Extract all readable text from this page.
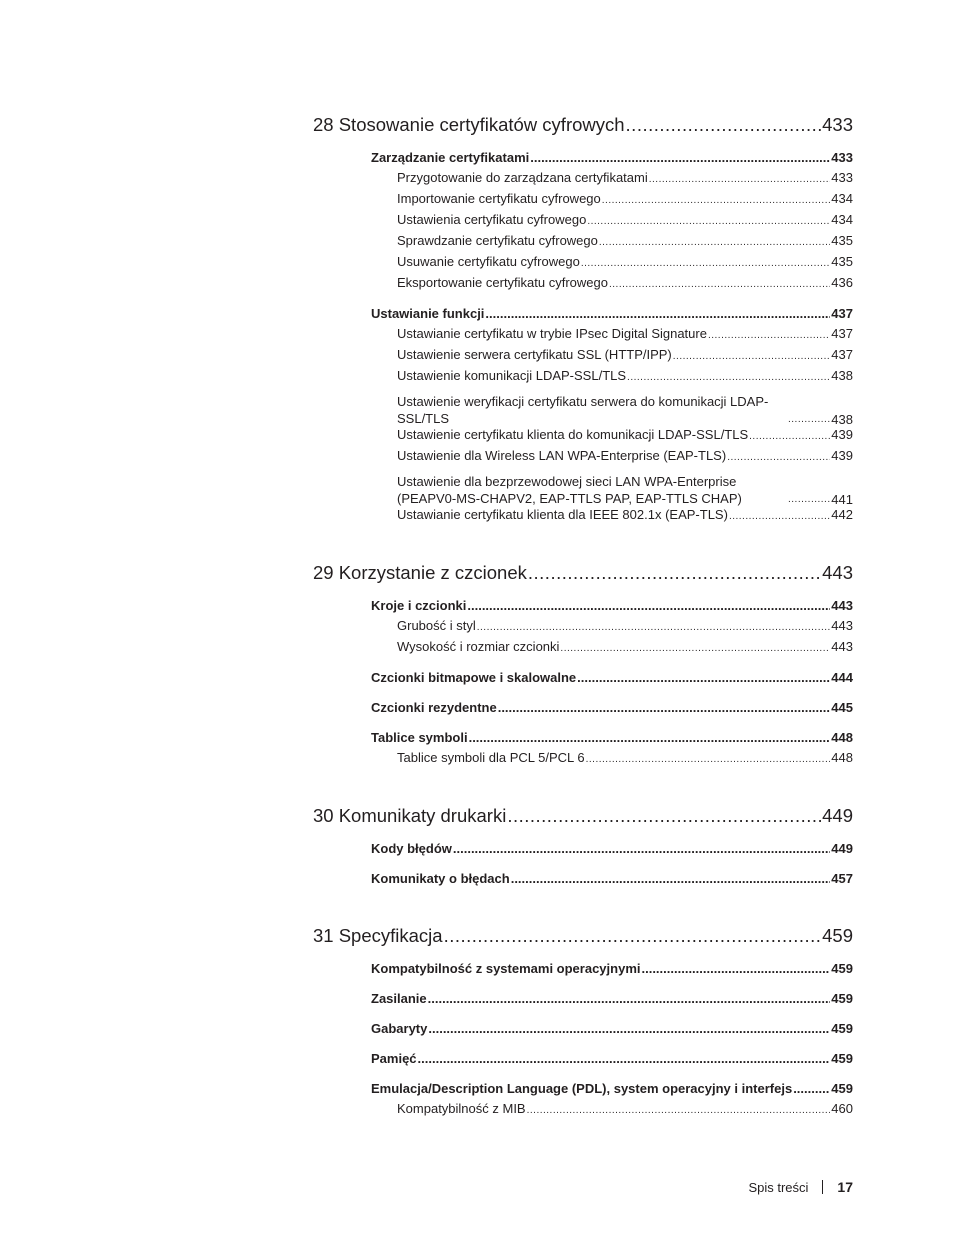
28 Stosowanie certyfikatów cyfrowych .....	433
Zarządzanie certyfikatami .....	433
Przygotowanie do zarządzana certyfikatami .....	433
Importowanie certyfikatu cyfrowego .....	434
Ustawienia certyfikatu cyfrowego .....	434
Sprawdzanie certyfikatu cyfrowego .....	435
Usuwanie certyfikatu cyfrowego .....	435
Eksportowanie certyfikatu cyfrowego .....	436
Ustawianie funkcji .....	437
Ustawianie certyfikatu w trybie IPsec Digital Signature .....	437
Ustawienie serwera certyfikatu SSL (HTTP/IPP) .....	437
Ustawienie komunikacji LDAP-SSL/TLS .....	438
Ustawienie weryfikacji certyfikatu serwera do komunikacji LDAP-SSL/TLS .....	438
Ustawienie certyfikatu klienta do komunikacji LDAP-SSL/TLS .....	439
Ustawienie dla Wireless LAN WPA-Enterprise (EAP-TLS) .....	439
Ustawienie dla bezprzewodowej sieci LAN WPA-Enterprise (PEAPV0-MS-CHAPV2, EAP-TTLS PAP, EAP-TTLS CHAP) .....	441
Ustawianie certyfikatu klienta dla IEEE 802.1x (EAP-TLS) .....	442
29 Korzystanie z czcionek .....	443
Kroje i czcionki .....	443
Grubość i styl .....	443
Wysokość i rozmiar czcionki .....	443
Czcionki bitmapowe i skalowalne .....	444
Czcionki rezydentne .....	445
Tablice symboli .....	448
Tablice symboli dla PCL 5/PCL 6 .....	448
30 Komunikaty drukarki .....	449
Kody błędów .....	449
Komunikaty o błędach .....	457
31 Specyfikacja .....	459
Kompatybilność z systemami operacyjnymi .....	459
Zasilanie .....	459
Gabaryty .....	459
Pamięć .....	459
Emulacja/Description Language (PDL), system operacyjny i interfejs .....	459
Kompatybilność z MIB .....	460
Spis treści 17
